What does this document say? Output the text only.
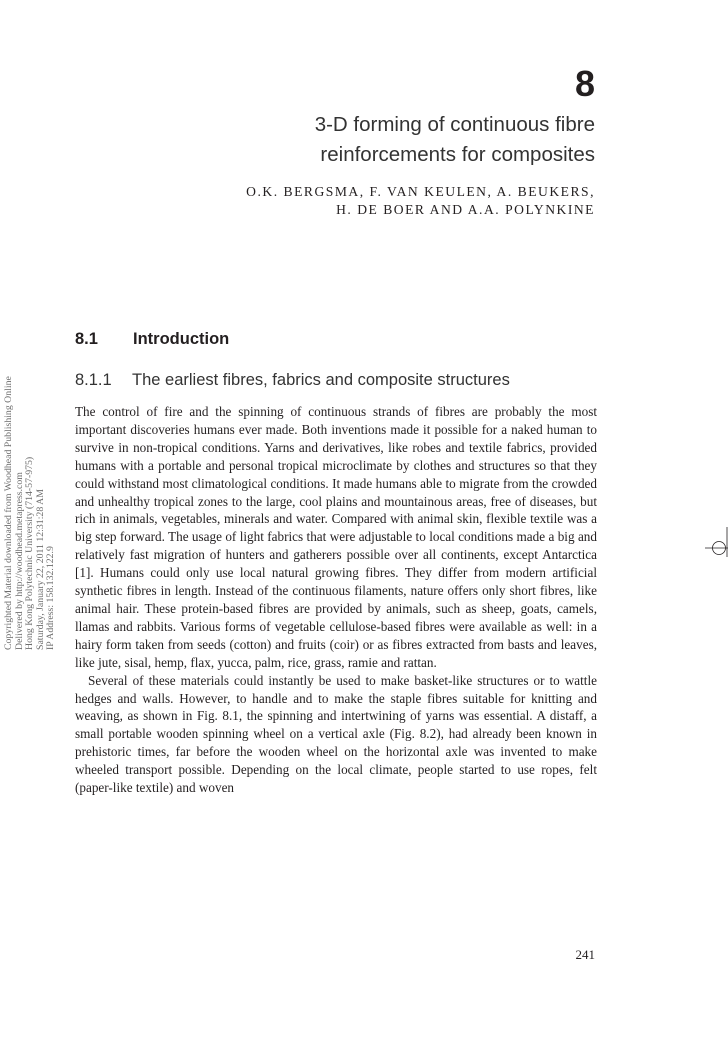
8
3-D forming of continuous fibre
reinforcements for composites
O.K. BERGSMA, F. VAN KEULEN, A. BEUKERS,
H. DE BOER AND A.A. POLYNKINE
Copyrighted Material downloaded from Woodhead Publishing Online Delivered by http://woodhead.metapress.com Hong Kong Polytechnic University (714-57-975) Saturday, January 22, 2011 12:31:28 AM IP Address: 158.132.122.9
8.1 Introduction
8.1.1 The earliest fibres, fabrics and composite structures

The control of fire and the spinning of continuous strands of fibres are probably the most important discoveries humans ever made. Both inventions made it possible for a naked human to survive in non-tropical conditions. Yarns and derivatives, like robes and textile fabrics, provided humans with a portable and personal tropical microclimate by clothes and structures so that they could withstand most climatological conditions. It made humans able to migrate from the crowded and unhealthy tropical zones to the large, cool plains and mountainous areas, free of diseases, but rich in animals, vegetables, minerals and water. Compared with animal skin, flexible textile was a big step forward. The usage of light fabrics that were adjustable to local conditions made a big and relatively fast migration of hunters and gatherers possible over all continents, except Antarctica [1]. Humans could only use local natural growing fibres. They differ from modern artificial synthetic fibres in length. Instead of the continuous filaments, nature offers only short fibres, like animal hair. These protein-based fibres are provided by animals, such as sheep, goats, camels, llamas and rabbits. Various forms of vegetable cellulose-based fibres were available as well: in a hairy form taken from seeds (cotton) and fruits (coir) or as fibres extracted from basts and leaves, like jute, sisal, hemp, flax, yucca, palm, rice, grass, ramie and rattan.

Several of these materials could instantly be used to make basket-like structures or to wattle hedges and walls. However, to handle and to make the staple fibres suitable for knitting and weaving, as shown in Fig. 8.1, the spinning and intertwining of yarns was essential. A distaff, a small portable wooden spinning wheel on a vertical axle (Fig. 8.2), had already been known in prehistoric times, far before the wooden wheel on the horizontal axle was invented to make wheeled transport possible. Depending on the local climate, people started to use ropes, felt (paper-like textile) and woven

241
